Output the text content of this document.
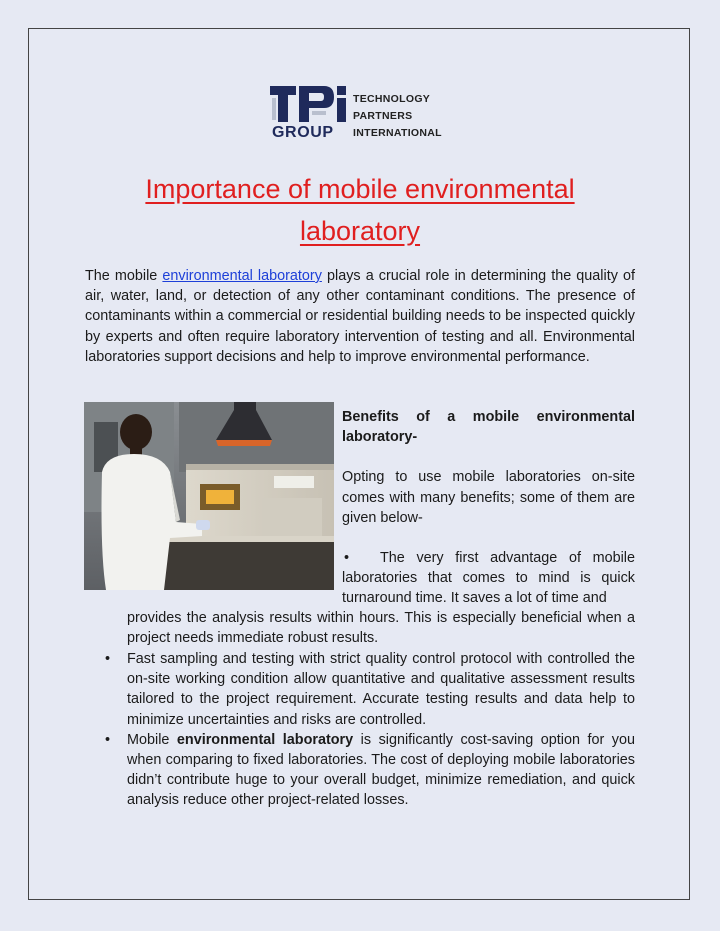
TECHNOLOGY
PARTNERS
INTERNATIONAL
GROUP
Importance of mobile environmental laboratory

The mobile environmental laboratory plays a crucial role in determining the quality of air, water, land, or detection of any other contaminant conditions. The presence of contaminants within a commercial or residential building needs to be inspected quickly by experts and often require laboratory intervention of testing and all. Environmental laboratories support decisions and help to improve environmental performance.

Benefits of a mobile environmental laboratory-

Opting to use mobile laboratories on-site comes with many benefits; some of them are given below-

•	The very first advantage of mobile laboratories that comes to mind is quick turnaround time. It saves a lot of time and

provides the analysis results within hours. This is especially beneficial when a project needs immediate robust results.

• Fast sampling and testing with strict quality control protocol with controlled the on-site working condition allow quantitative and qualitative assessment results tailored to the project requirement. Accurate testing results and data help to minimize uncertainties and risks are controlled.
• Mobile environmental laboratory is significantly cost-saving option for you when comparing to fixed laboratories. The cost of deploying mobile laboratories didn’t contribute huge to your overall budget, minimize remediation, and quick analysis reduce other project-related losses.
